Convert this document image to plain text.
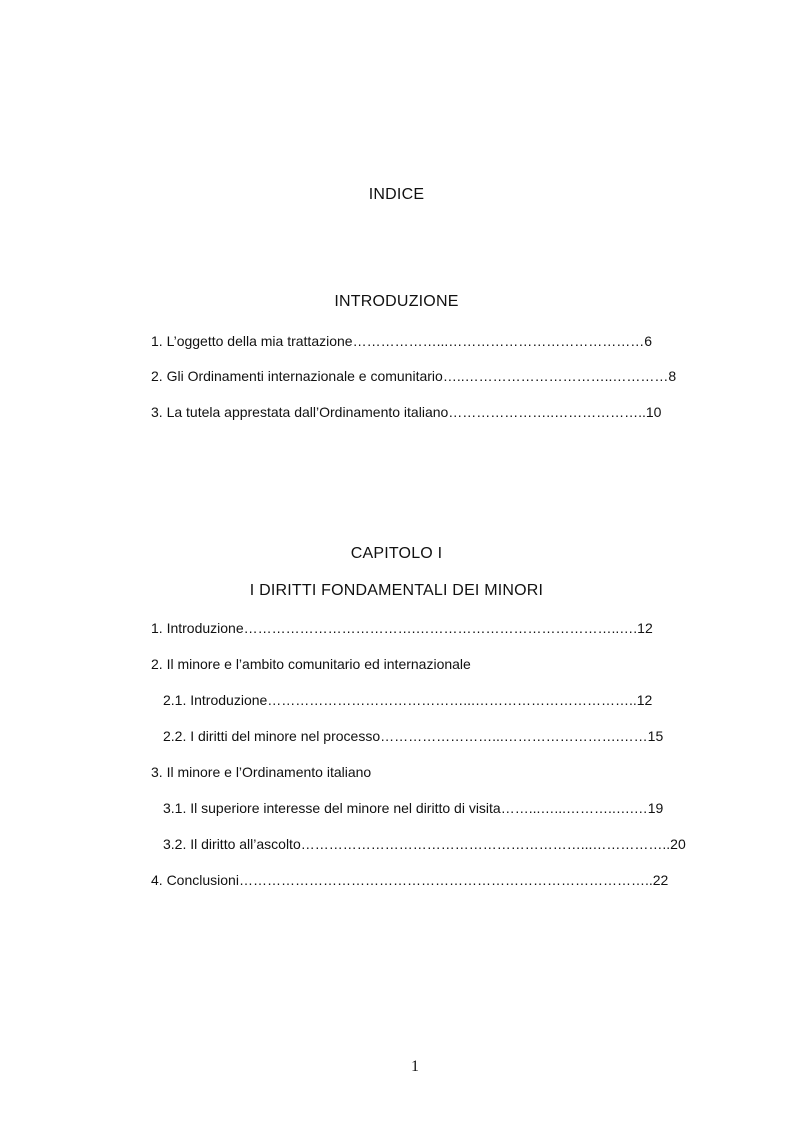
INDICE
INTRODUZIONE
1. L’oggetto della mia trattazione………………...……………………………………6
2. Gli Ordinamenti internazionale e comunitario…..…………………………..…………8
3. La tutela apprestata dall’Ordinamento italiano…………………..………………..10
CAPITOLO I
I DIRITTI FONDAMENTALI DEI MINORI
1. Introduzione……………………………….……………………………………..….12
2. Il minore e l’ambito comunitario ed internazionale
2.1. Introduzione……………………………………...……………………………..12
2.2. I diritti del minore nel processo……………………...…………………….……15
3. Il minore e l’Ordinamento italiano
3.1. Il superiore interesse del minore nel diritto di visita……...…...………..….…19
3.2. Il diritto all’ascolto……………………………………………………...……………..20
4. Conclusioni……………………………………………………………………………..22
1
